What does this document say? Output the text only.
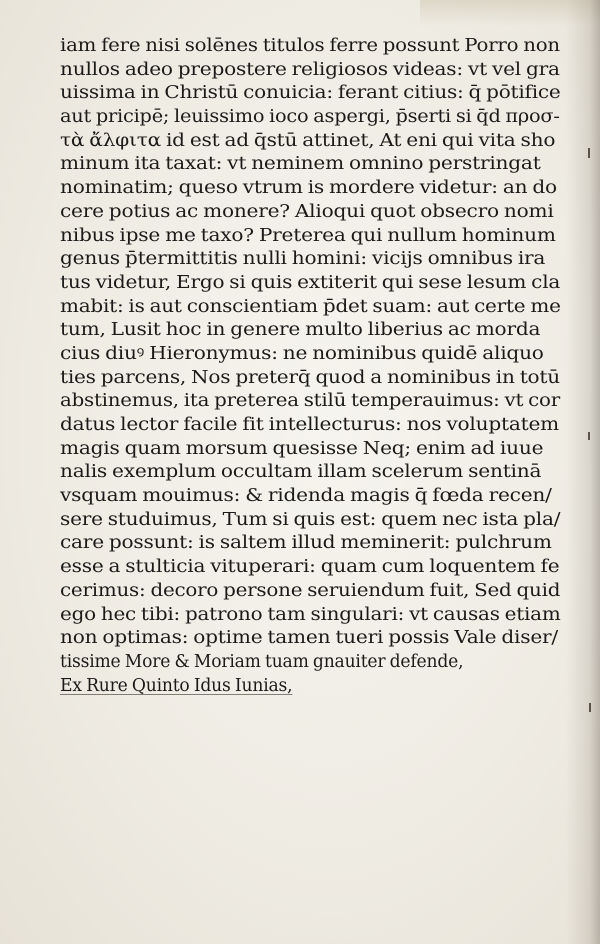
iam fere nisi solēnes titulos ferre possunt Porro non
nullos adeo prepostere religiosos videas: vt vel gra
uissima in Christū conuicia: ferant citius: q̄ pōtifice
aut pricipē; leuissimo ioco aspergi, p̄serti si q̄d προσ-
τὰ ἄλφιτα id est ad q̄stū attinet, At eni qui vita sho
minum ita taxat: vt neminem omnino perstringat
nominatim; queso vtrum is mordere videtur: an do
cere potius ac monere? Alioqui quot obsecro nomi
nibus ipse me taxo? Preterea qui nullum hominum
genus p̄termittitis nulli homini: vicijs omnibus ira
tus videtur, Ergo si quis extiterit qui sese lesum cla
mabit: is aut conscientiam p̄det suam: aut certe me
tum, Lusit hoc in genere multo liberius ac morda
cius diuꝰ Hieronymus: ne nominibus quidē aliquo
ties parcens, Nos preterq̄ quod a nominibus in totū
abstinemus, ita preterea stilū temperauimus: vt cor
datus lector facile fit intellecturus: nos voluptatem
magis quam morsum quesisse Neq; enim ad iuue
nalis exemplum occultam illam scelerum sentinā
vsquam mouimus: & ridenda magis q̄ fœda recen/
sere studuimus, Tum si quis est: quem nec ista pla/
care possunt: is saltem illud meminerit: pulchrum
esse a stulticia vituperari: quam cum loquentem fe
cerimus: decoro persone seruiendum fuit, Sed quid
ego hec tibi: patrono tam singulari: vt causas etiam
non optimas: optime tamen tueri possis Vale diser/
tissime More & Moriam tuam gnauiter defende,
Ex Rure Quinto Idus Iunias,
